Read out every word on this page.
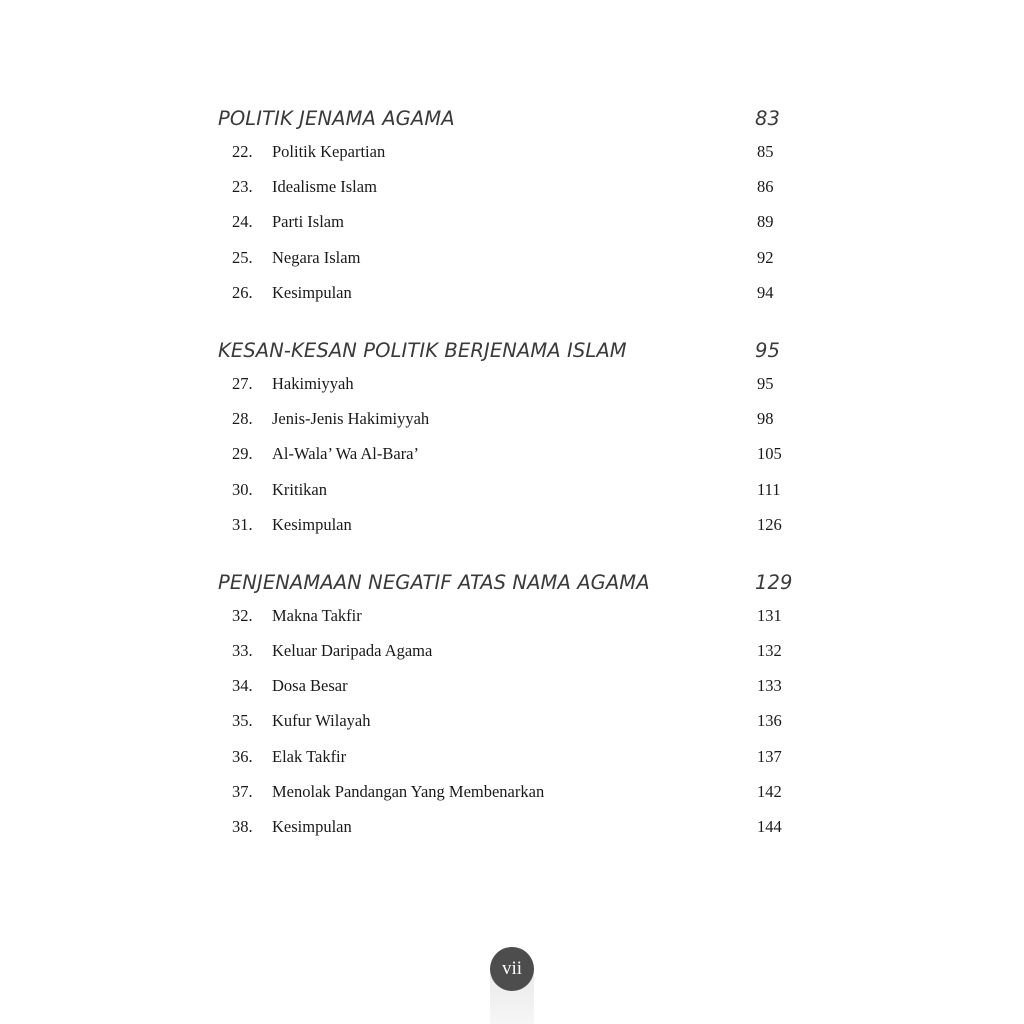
POLITIK JENAMA AGAMA	83
22. Politik Kepartian	85
23. Idealisme Islam	86
24. Parti Islam	89
25. Negara Islam	92
26. Kesimpulan	94
KESAN-KESAN POLITIK BERJENAMA ISLAM	95
27. Hakimiyyah	95
28. Jenis-Jenis Hakimiyyah	98
29. Al-Wala’ Wa Al-Bara’	105
30. Kritikan	111
31. Kesimpulan	126
PENJENAMAAN NEGATIF ATAS NAMA AGAMA	129
32. Makna Takfir	131
33. Keluar Daripada Agama	132
34. Dosa Besar	133
35. Kufur Wilayah	136
36. Elak Takfir	137
37. Menolak Pandangan Yang Membenarkan	142
38. Kesimpulan	144
vii
